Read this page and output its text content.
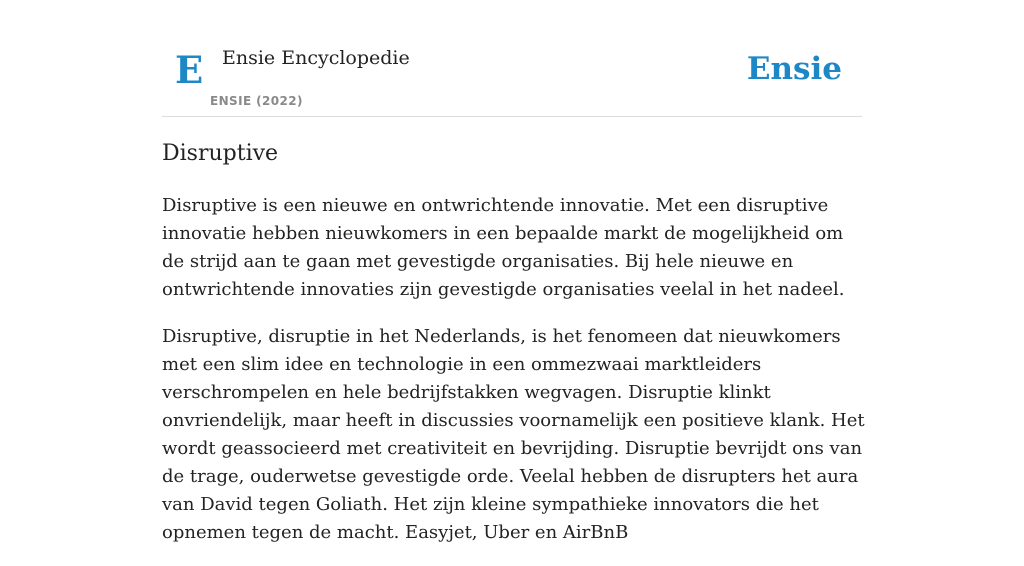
E Ensie Encyclopedie
ENSIE (2022)
Ensie
Disruptive

Disruptive is een nieuwe en ontwrichtende innovatie. Met een disruptive innovatie hebben nieuwkomers in een bepaalde markt de mogelijkheid om de strijd aan te gaan met gevestigde organisaties. Bij hele nieuwe en ontwrichtende innovaties zijn gevestigde organisaties veelal in het nadeel.

Disruptive, disruptie in het Nederlands, is het fenomeen dat nieuwkomers met een slim idee en technologie in een ommezwaai marktleiders verschrompelen en hele bedrijfstakken wegvagen. Disruptie klinkt onvriendelijk, maar heeft in discussies voornamelijk een positieve klank. Het wordt geassocieerd met creativiteit en bevrijding. Disruptie bevrijdt ons van de trage, ouderwetse gevestigde orde. Veelal hebben de disrupters het aura van David tegen Goliath. Het zijn kleine sympathieke innovators die het opnemen tegen de macht. Easyjet, Uber en AirBnB
